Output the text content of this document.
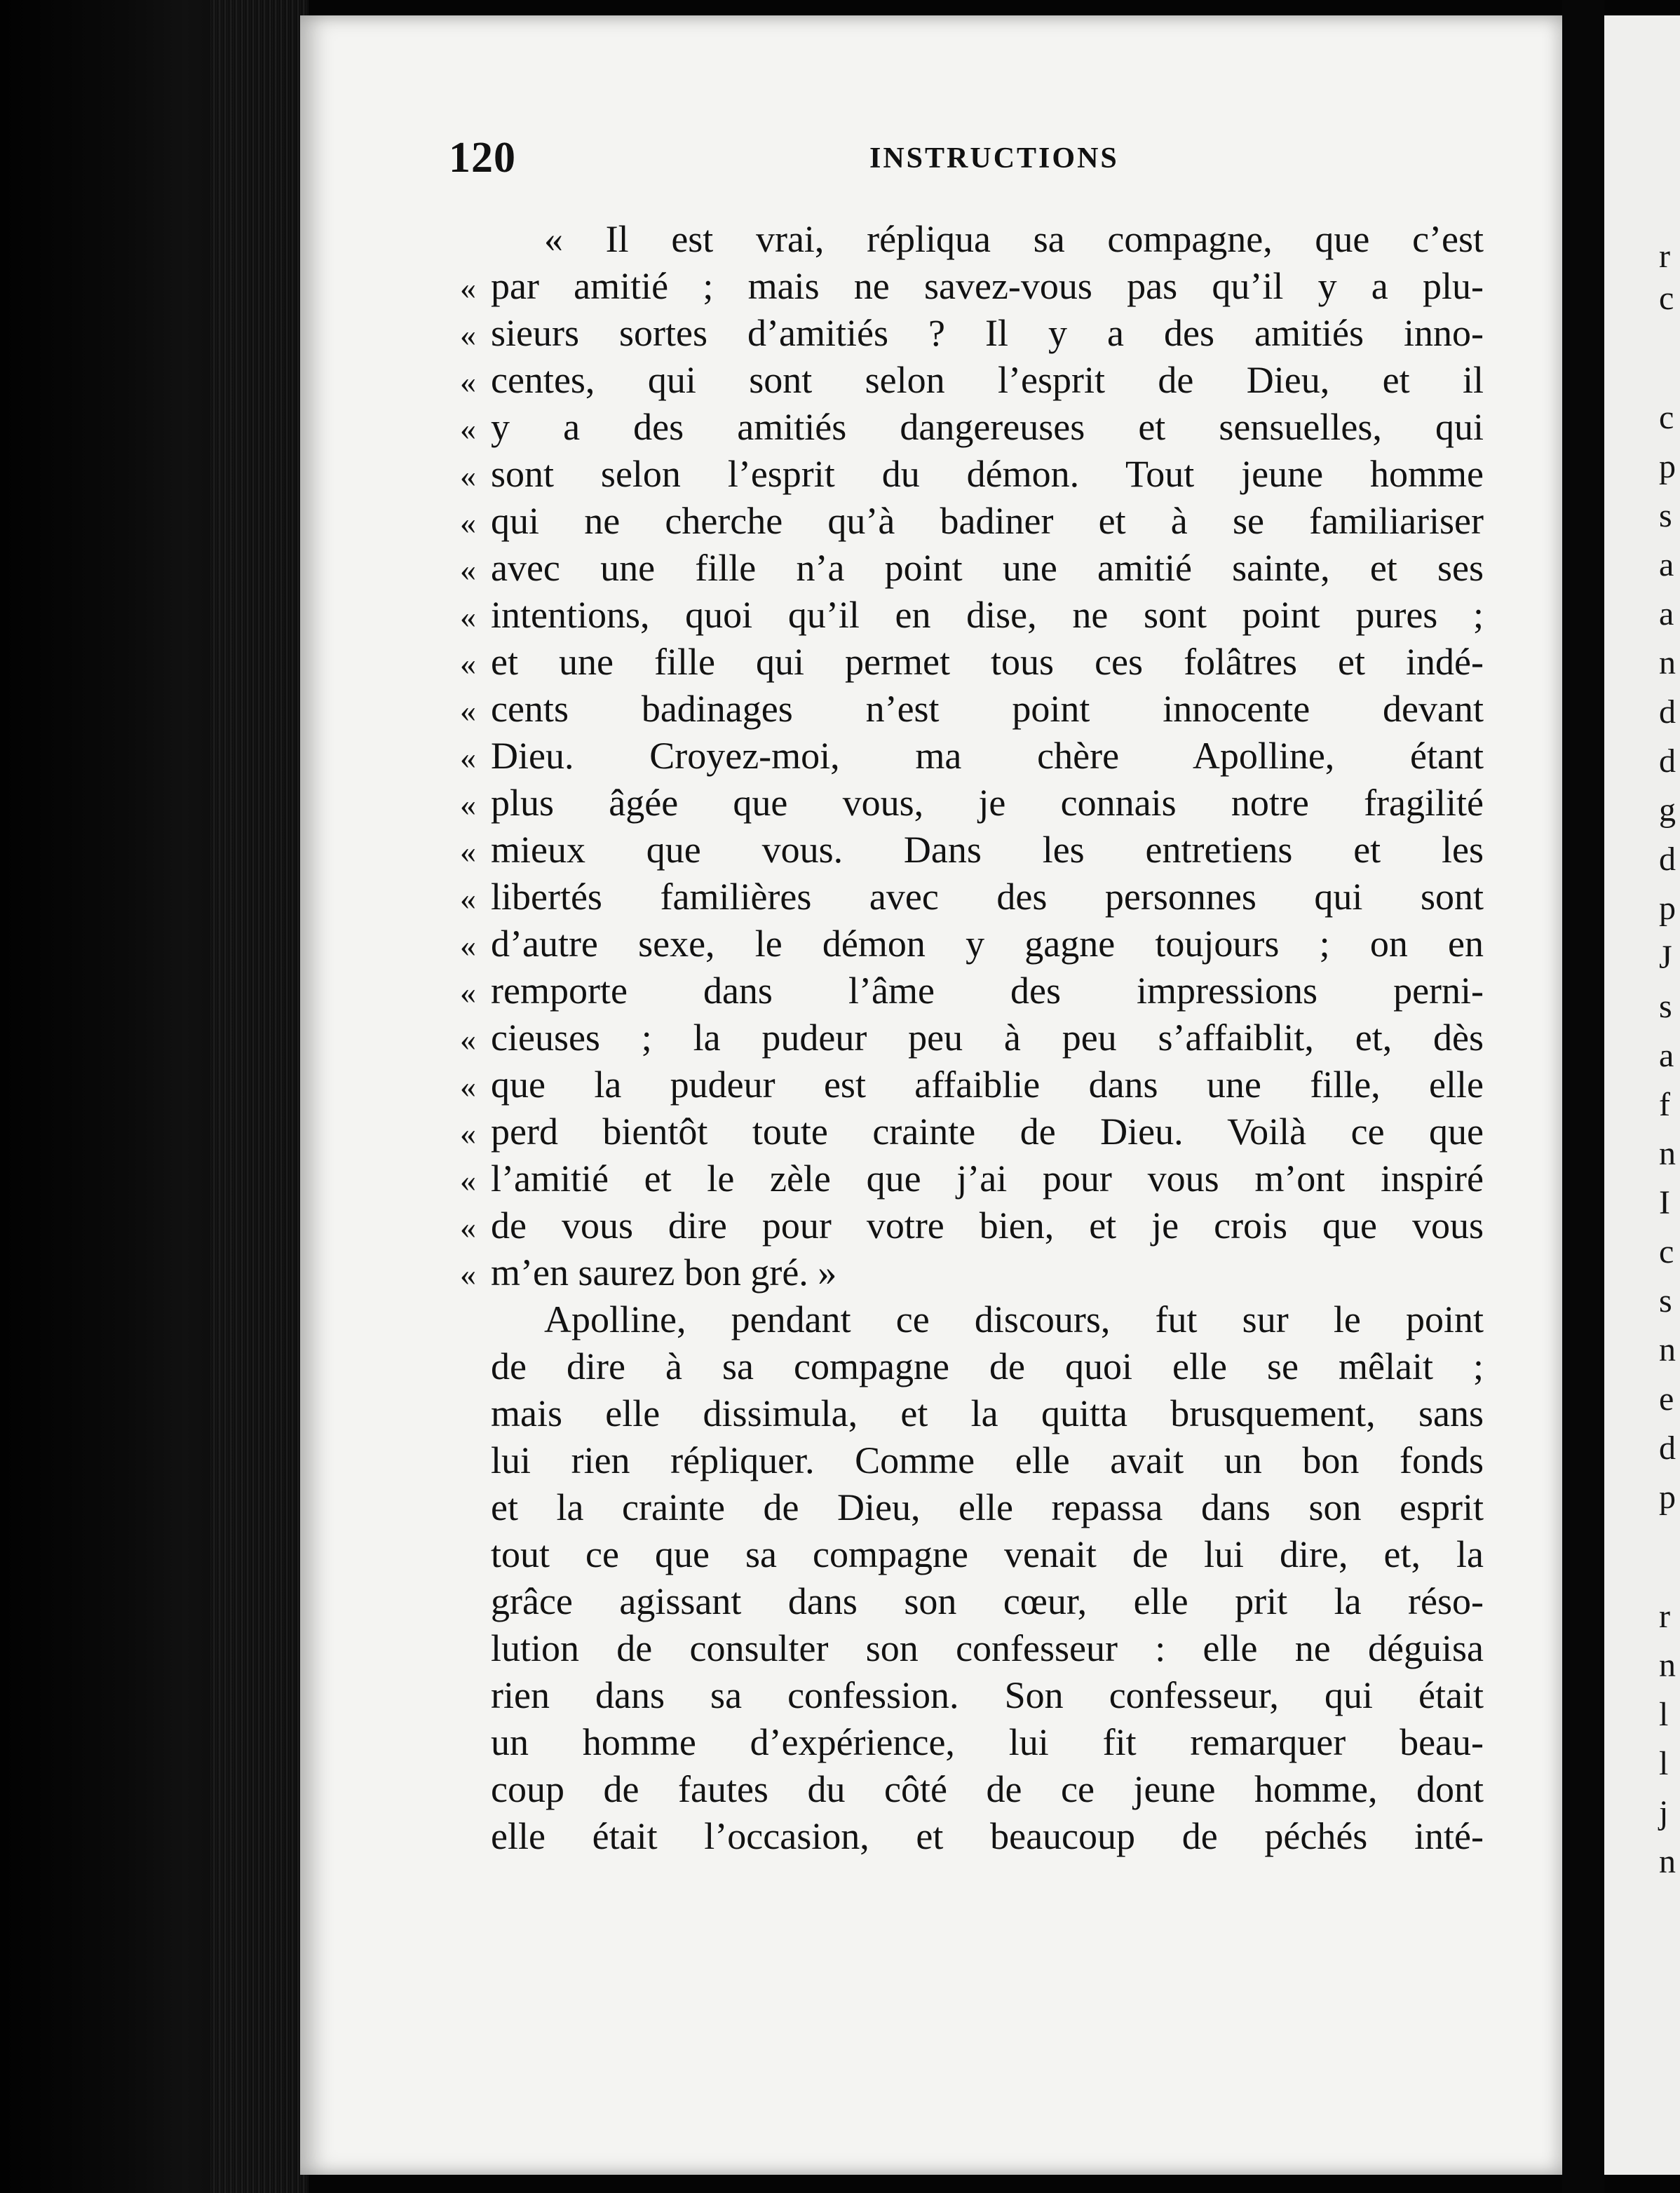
r
c
c
p
s
a
a
n
d
d
g
d
p
J
s
a
f
n
I
c
s
n
e
d
p
r
n
l
l
j
n
120	INSTRUCTIONS
« Il est vrai, répliqua sa compagne, que c’est
« par amitié ; mais ne savez-vous pas qu’il y a plu-
« sieurs sortes d’amitiés ? Il y a des amitiés inno-
« centes, qui sont selon l’esprit de Dieu, et il
« y a des amitiés dangereuses et sensuelles, qui
« sont selon l’esprit du démon. Tout jeune homme
« qui ne cherche qu’à badiner et à se familiariser
« avec une fille n’a point une amitié sainte, et ses
« intentions, quoi qu’il en dise, ne sont point pures ;
« et une fille qui permet tous ces folâtres et indé-
« cents badinages n’est point innocente devant
« Dieu. Croyez-moi, ma chère Apolline, étant
« plus âgée que vous, je connais notre fragilité
« mieux que vous. Dans les entretiens et les
« libertés familières avec des personnes qui sont
« d’autre sexe, le démon y gagne toujours ; on en
« remporte dans l’âme des impressions perni-
« cieuses ; la pudeur peu à peu s’affaiblit, et, dès
« que la pudeur est affaiblie dans une fille, elle
« perd bientôt toute crainte de Dieu. Voilà ce que
« l’amitié et le zèle que j’ai pour vous m’ont inspiré
« de vous dire pour votre bien, et je crois que vous
« m’en saurez bon gré. »
Apolline, pendant ce discours, fut sur le point
de dire à sa compagne de quoi elle se mêlait ;
mais elle dissimula, et la quitta brusquement, sans
lui rien répliquer. Comme elle avait un bon fonds
et la crainte de Dieu, elle repassa dans son esprit
tout ce que sa compagne venait de lui dire, et, la
grâce agissant dans son cœur, elle prit la réso-
lution de consulter son confesseur : elle ne déguisa
rien dans sa confession. Son confesseur, qui était
un homme d’expérience, lui fit remarquer beau-
coup de fautes du côté de ce jeune homme, dont
elle était l’occasion, et beaucoup de péchés inté-
